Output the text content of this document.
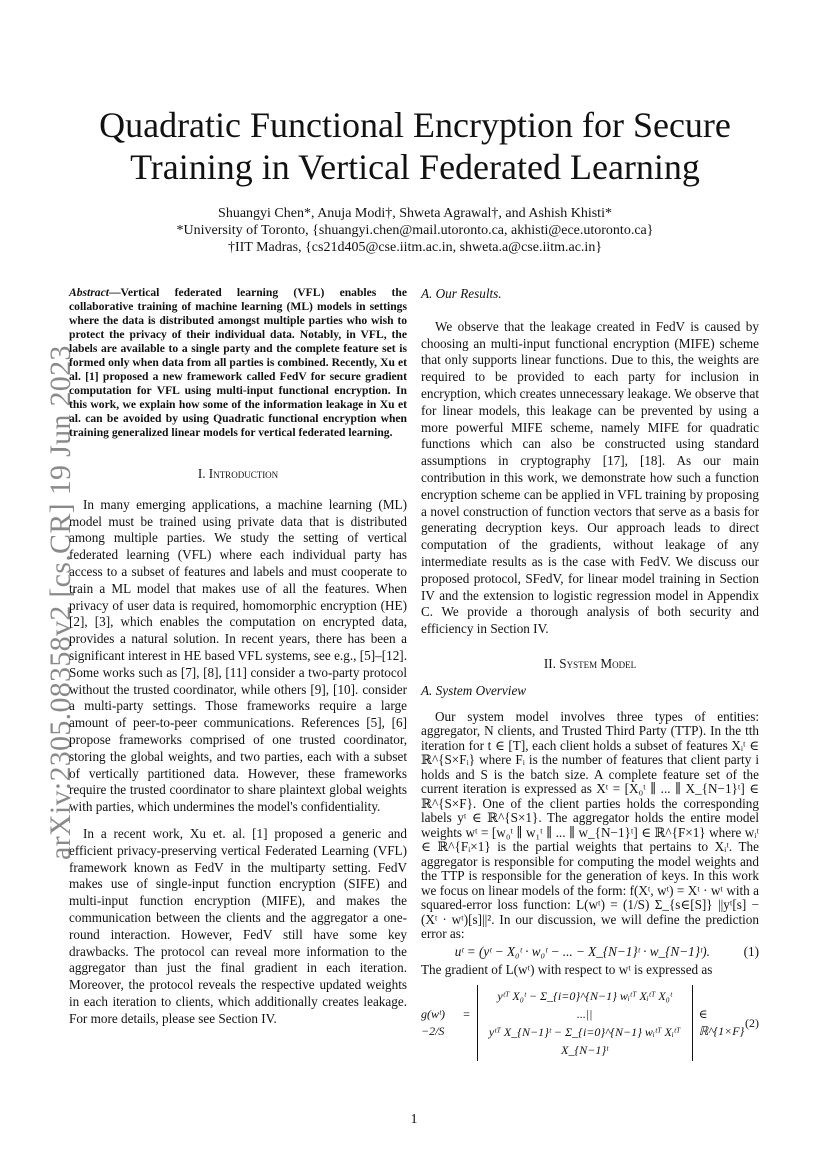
arXiv:2305.08358v2 [cs.CR] 19 Jun 2023
Quadratic Functional Encryption for Secure Training in Vertical Federated Learning
Shuangyi Chen*, Anuja Modi†, Shweta Agrawal†, and Ashish Khisti*
*University of Toronto, {shuangyi.chen@mail.utoronto.ca, akhisti@ece.utoronto.ca}
†IIT Madras, {cs21d405@cse.iitm.ac.in, shweta.a@cse.iitm.ac.in}

Abstract—Vertical federated learning (VFL) enables the collaborative training of machine learning (ML) models in settings where the data is distributed amongst multiple parties who wish to protect the privacy of their individual data. Notably, in VFL, the labels are available to a single party and the complete feature set is formed only when data from all parties is combined. Recently, Xu et al. [1] proposed a new framework called FedV for secure gradient computation for VFL using multi-input functional encryption. In this work, we explain how some of the information leakage in Xu et al. can be avoided by using Quadratic functional encryption when training generalized linear models for vertical federated learning.

I. Introduction

In many emerging applications, a machine learning (ML) model must be trained using private data that is distributed among multiple parties. We study the setting of vertical federated learning (VFL) where each individual party has access to a subset of features and labels and must cooperate to train a ML model that makes use of all the features. When privacy of user data is required, homomorphic encryption (HE) [2], [3], which enables the computation on encrypted data, provides a natural solution. In recent years, there has been a significant interest in HE based VFL systems, see e.g., [5]–[12]. Some works such as [7], [8], [11] consider a two-party protocol without the trusted coordinator, while others [9], [10]. consider a multi-party settings. Those frameworks require a large amount of peer-to-peer communications. References [5], [6] propose frameworks comprised of one trusted coordinator, storing the global weights, and two parties, each with a subset of vertically partitioned data. However, these frameworks require the trusted coordinator to share plaintext global weights with parties, which undermines the model's confidentiality.

In a recent work, Xu et. al. [1] proposed a generic and efficient privacy-preserving vertical Federated Learning (VFL) framework known as FedV in the multiparty setting. FedV makes use of single-input function encryption (SIFE) and multi-input function encryption (MIFE), and makes the communication between the clients and the aggregator a one-round interaction. However, FedV still have some key drawbacks. The protocol can reveal more information to the aggregator than just the final gradient in each iteration. Moreover, the protocol reveals the respective updated weights in each iteration to clients, which additionally creates leakage. For more details, please see Section IV.

A. Our Results.

We observe that the leakage created in FedV is caused by choosing an multi-input functional encryption (MIFE) scheme that only supports linear functions. Due to this, the weights are required to be provided to each party for inclusion in encryption, which creates unnecessary leakage. We observe that for linear models, this leakage can be prevented by using a more powerful MIFE scheme, namely MIFE for quadratic functions which can also be constructed using standard assumptions in cryptography [17], [18]. As our main contribution in this work, we demonstrate how such a function encryption scheme can be applied in VFL training by proposing a novel construction of function vectors that serve as a basis for generating decryption keys. Our approach leads to direct computation of the gradients, without leakage of any intermediate results as is the case with FedV. We discuss our proposed protocol, SFedV, for linear model training in Section IV and the extension to logistic regression model in Appendix C. We provide a thorough analysis of both security and efficiency in Section IV.

II. System Model

A. System Overview

Our system model involves three types of entities: aggregator, N clients, and Trusted Third Party (TTP). In the tth iteration for t ∈ [T], each client holds a subset of features Xᵢᵗ ∈ ℝ^{S×Fᵢ} where Fᵢ is the number of features that client party i holds and S is the batch size. A complete feature set of the current iteration is expressed as Xᵗ = [X₀ᵗ ∥ ... ∥ X_{N−1}ᵗ] ∈ ℝ^{S×F}. One of the client parties holds the corresponding labels yᵗ ∈ ℝ^{S×1}. The aggregator holds the entire model weights wᵗ = [w₀ᵗ ∥ w₁ᵗ ∥ ... ∥ w_{N−1}ᵗ] ∈ ℝ^{F×1} where wᵢᵗ ∈ ℝ^{Fᵢ×1} is the partial weights that pertains to Xᵢᵗ. The aggregator is responsible for computing the model weights and the TTP is responsible for the generation of keys. In this work we focus on linear models of the form: f(Xᵗ, wᵗ) = Xᵗ · wᵗ with a squared-error loss function: L(wᵗ) = (1/S) Σ_{s∈[S]} ||yᵗ[s] − (Xᵗ · wᵗ)[s]||². In our discussion, we will define the prediction error as:

uᵗ = (yᵗ − X₀ᵗ · w₀ᵗ − ... − X_{N−1}ᵗ · w_{N−1}ᵗ).	(1)

The gradient of L(wᵗ) with respect to wᵗ is expressed as

g(wᵗ) = −2/S
yᵗᵀ X₀ᵗ − Σ_{i=0}^{N−1} wᵢᵗᵀ Xᵢᵗᵀ X₀ᵗ
...||
yᵗᵀ X_{N−1}ᵗ − Σ_{i=0}^{N−1} wᵢᵗᵀ Xᵢᵗᵀ X_{N−1}ᵗ
∈ ℝ^{1×F}
(2)
1
